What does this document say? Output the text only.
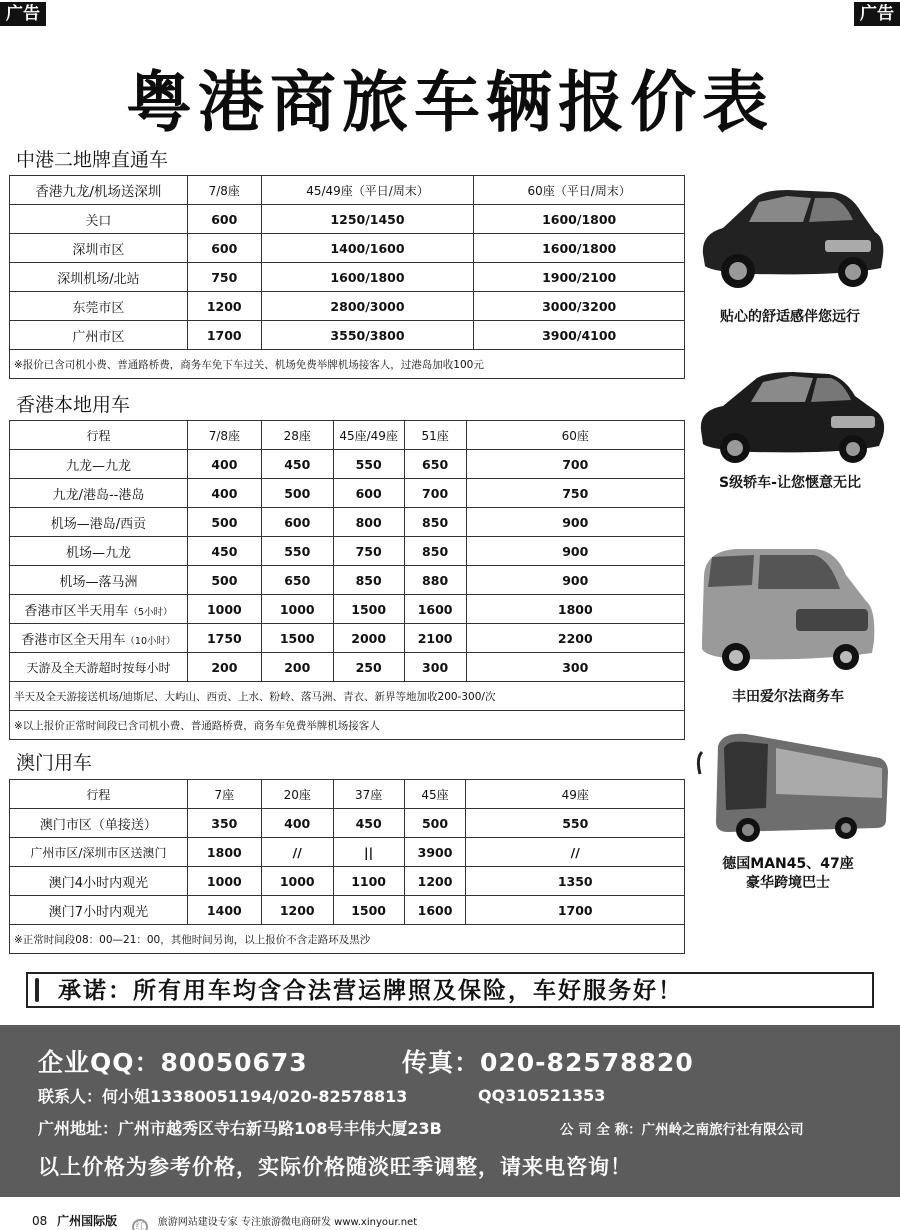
广告	广告
粤港商旅车辆报价表
中港二地牌直通车
香港九龙/机场送深圳	7/8座	45/49座（平日/周末）	60座（平日/周末）
关口	600	1250/1450	1600/1800
深圳市区	600	1400/1600	1600/1800
深圳机场/北站	750	1600/1800	1900/2100
东莞市区	1200	2800/3000	3000/3200
广州市区	1700	3550/3800	3900/4100
※报价已含司机小费、普通路桥费，商务车免下车过关、机场免费举牌机场接客人，过港岛加收100元			
香港本地用车
行程	7/8座	28座	45座/49座	51座	60座
九龙—九龙	400	450	550	650	700
九龙/港岛--港岛	400	500	600	700	750
机场—港岛/西贡	500	600	800	850	900
机场—九龙	450	550	750	850	900
机场—落马洲	500	650	850	880	900
香港市区半天用车（5小时）	1000	1000	1500	1600	1800
香港市区全天用车（10小时）	1750	1500	2000	2100	2200
天游及全天游超时按每小时	200	200	250	300	300
半天及全天游接送机场/迪斯尼、大屿山、西贡、上水、粉岭、落马洲、青衣、新界等地加收200-300/次					
※以上报价正常时间段已含司机小费、普通路桥费，商务车免费举牌机场接客人					
澳门用车
行程	7座	20座	37座	45座	49座
澳门市区（单接送）	350	400	450	500	550
广州市区/深圳市区送澳门	1800	//	||	3900	//
澳门4小时内观光	1000	1000	1100	1200	1350
澳门7小时内观光	1400	1200	1500	1600	1700
※正常时间段08：00—21：00，其他时间另询，以上报价不含走路环及黑沙					
贴心的舒适感伴您远行
S级轿车-让您惬意无比
丰田爱尔法商务车
德国MAN45、47座
豪华跨境巴士
承诺：所有用车均含合法营运牌照及保险，车好服务好！
企业QQ：80050673	传真：020-82578820
联系人：何小姐13380051194/020-82578813	QQ310521353
广州地址：广州市越秀区寺右新马路108号丰伟大厦23B	公 司 全 称：广州岭之南旅行社有限公司
以上价格为参考价格，实际价格随淡旺季调整，请来电咨询！
08 广州国际版 红 旅游网站建设专家 专注旅游微电商研发 www.xinyour.net
